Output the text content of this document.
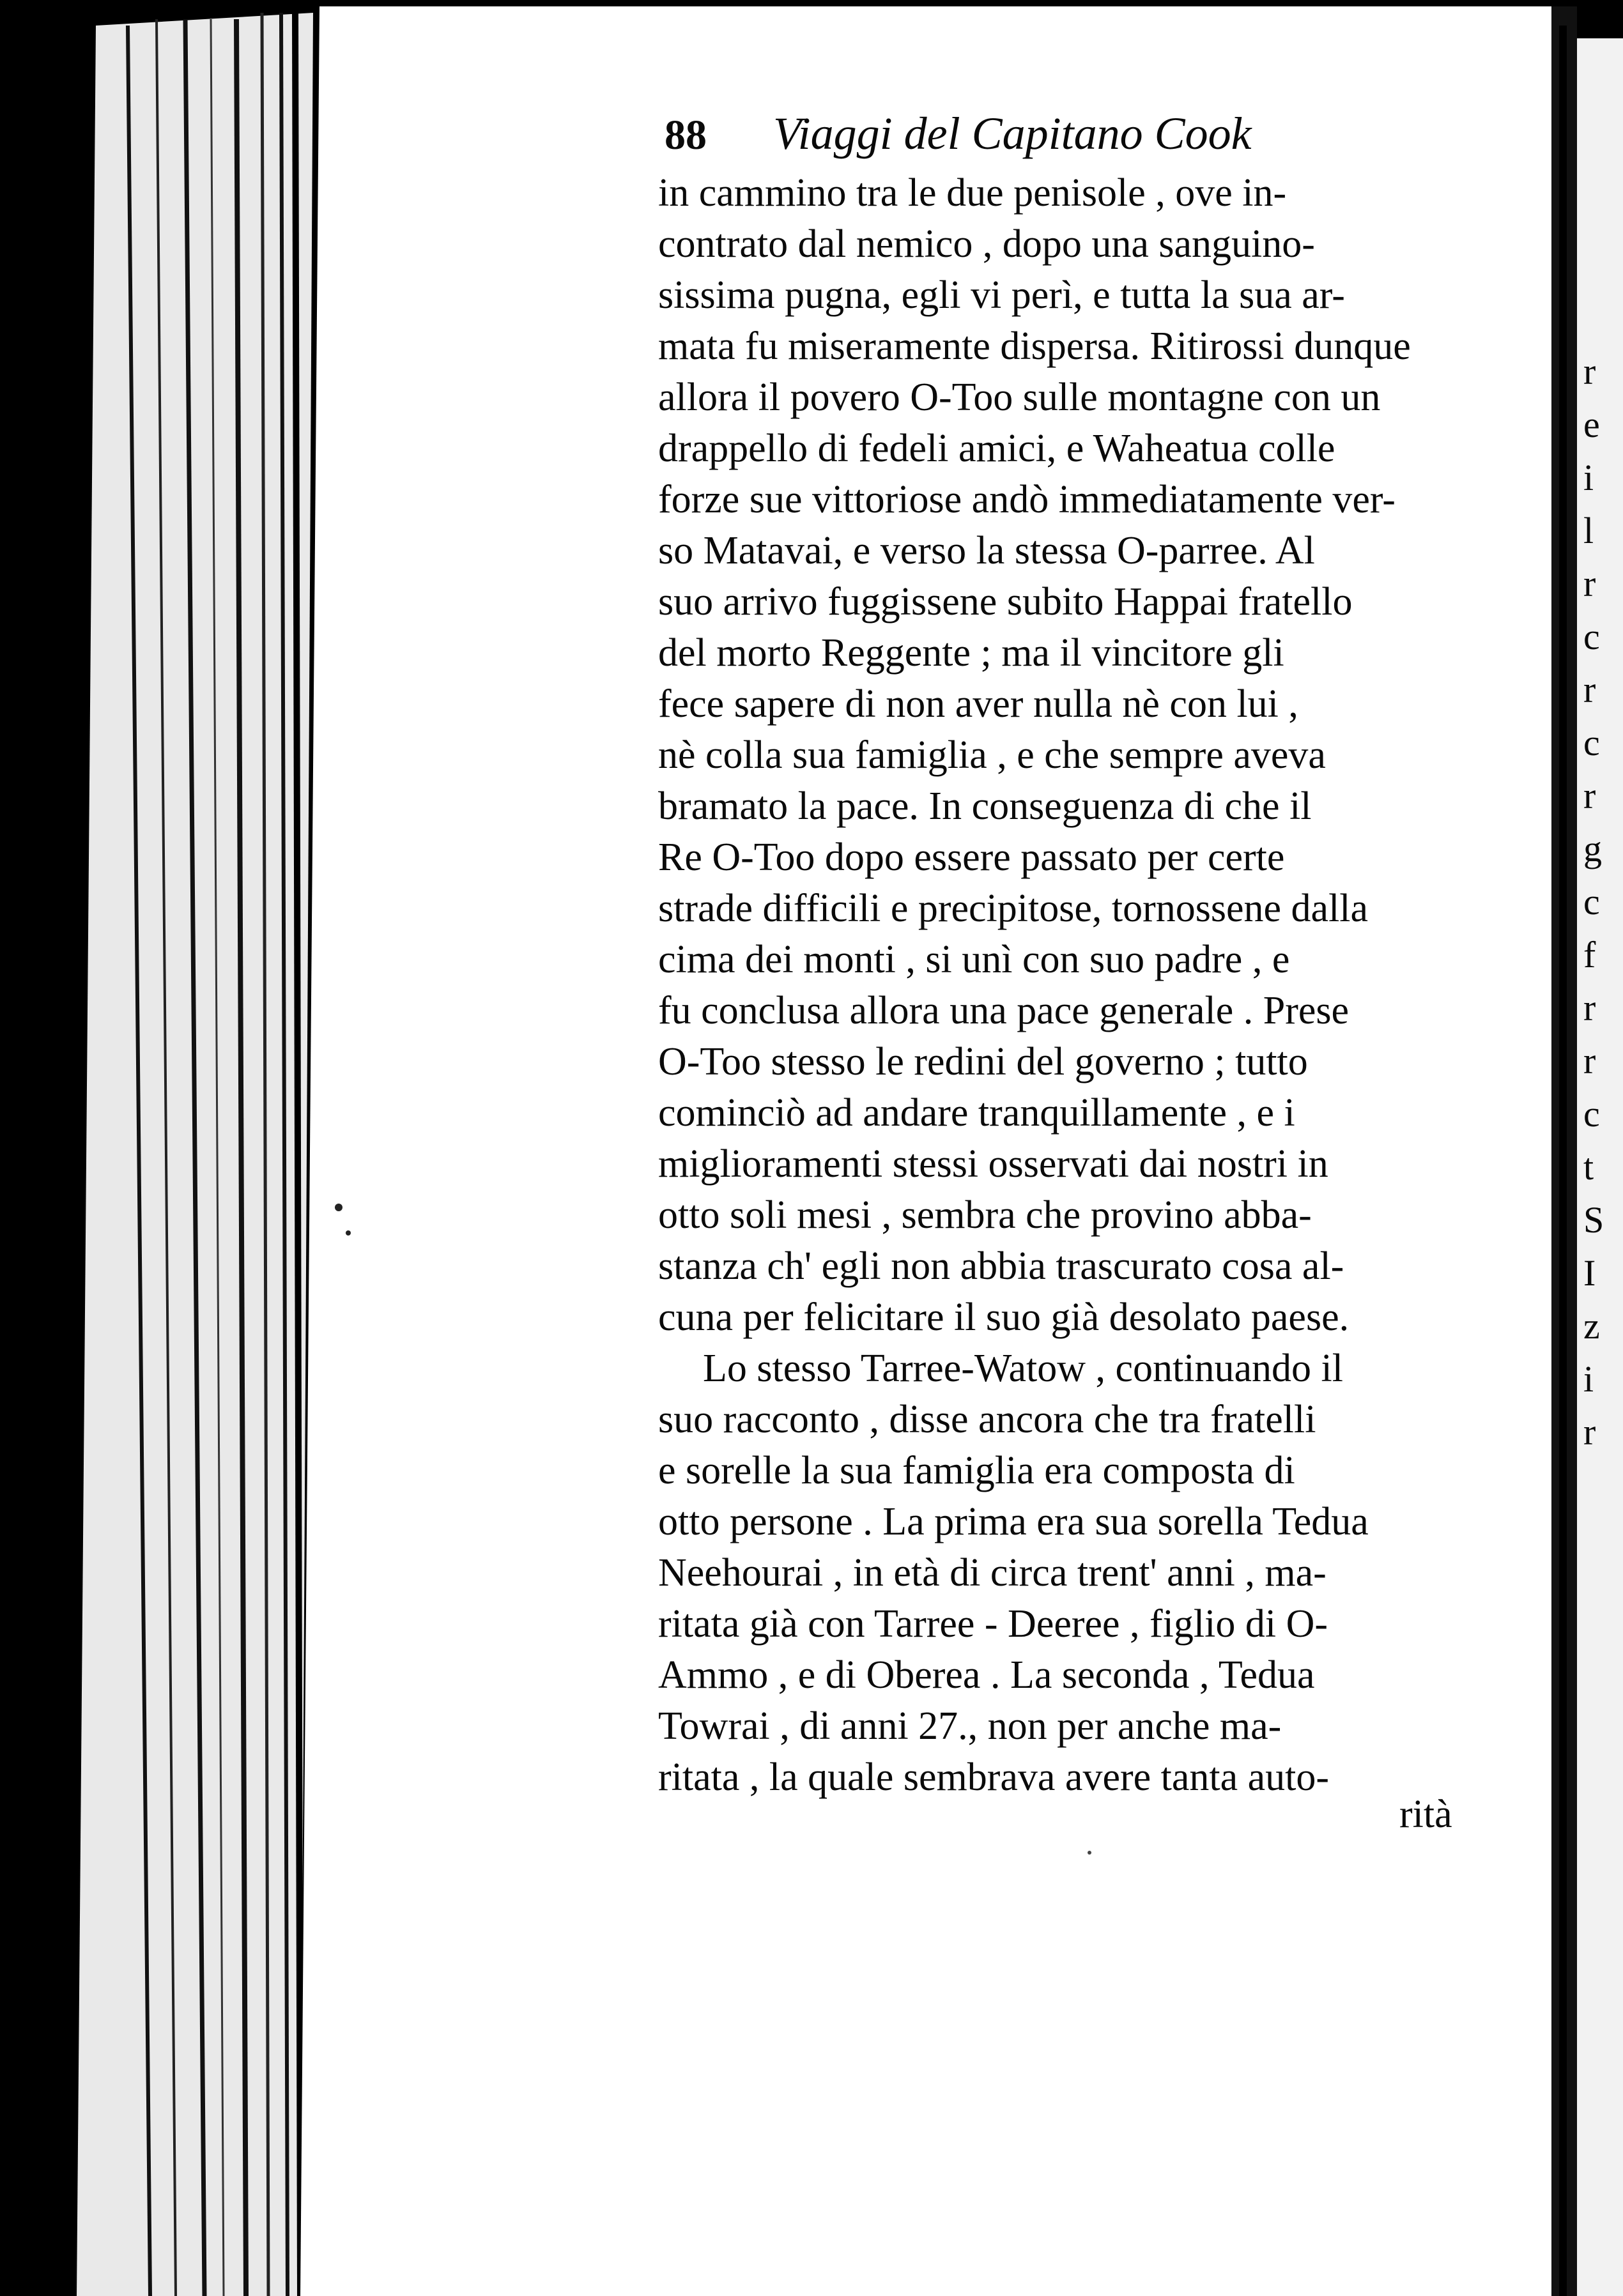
88	Viaggi del Capitano Cook

in cammino tra le due penisole , ove in-

contrato dal nemico , dopo una sanguino-

sissima pugna, egli vi perì, e tutta la sua ar-

mata fu miseramente dispersa. Ritirossi dunque

allora il povero O-Too sulle montagne con un

drappello di fedeli amici, e Waheatua colle

forze sue vittoriose andò immediatamente ver-

so Matavai, e verso la stessa O-parree. Al

suo arrivo fuggissene subito Happai fratello

del morto Reggente ; ma il vincitore gli

fece sapere di non aver nulla nè con lui ,

nè colla sua famiglia , e che sempre aveva

bramato la pace. In conseguenza di che il

Re O-Too dopo essere passato per certe

strade difficili e precipitose, tornossene dalla

cima dei monti , si unì con suo padre , e

fu conclusa allora una pace generale . Prese

O-Too stesso le redini del governo ; tutto

cominciò ad andare tranquillamente , e i

miglioramenti stessi osservati dai nostri in

otto soli mesi , sembra che provino abba-

stanza ch' egli non abbia trascurato cosa al-

cuna per felicitare il suo già desolato paese.

Lo stesso Tarree-Watow , continuando il

suo racconto , disse ancora che tra fratelli

e sorelle la sua famiglia era composta di

otto persone . La prima era sua sorella Tedua

Neehourai , in età di circa trent' anni , ma-

ritata già con Tarree - Deeree , figlio di O-

Ammo , e di Oberea . La seconda , Tedua

Towrai , di anni 27., non per anche ma-

ritata , la quale sembrava avere tanta auto-

rità
r
e
i
l
r
c
r
c
r
g
c
f
r
r
c
t
S
I
z
i
r
